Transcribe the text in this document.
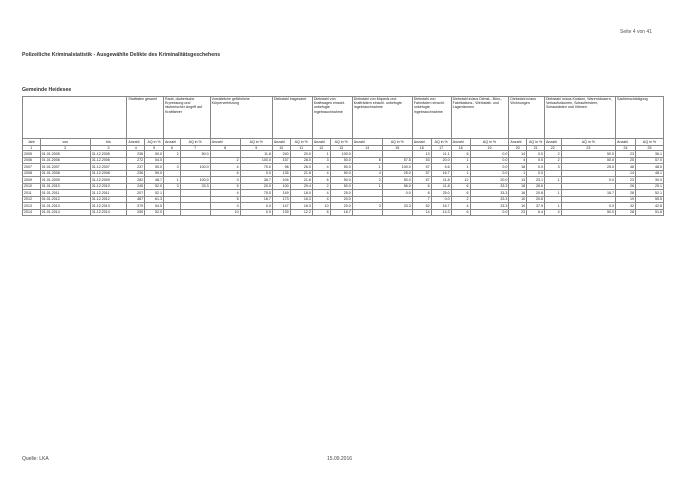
Seite 4 von 41
Polizeiliche Kriminalstatistik - Ausgewählte Delikte des Kriminalitätsgeschehens
Gemeinde Heidesee
			Straftaten gesamt		Raub, räuberische Erpressung und räuberischer Angriff auf Kraftfahrer		Vorsätzliche gefährliche Körperverletzung		Diebstahl insgesamt		Diebstahl von Kraftwagen einschl. unbefugte Ingebrauchnahme		Diebstahl von Mopeds und Krafträdern einschl. unbefugte Ingebrauchnahme		Diebstahl von Fahrrädern einschl. unbefugte Ingebrauchnahme		Diebstahl in/aus Dienst-, Büro-, Fabrikations-, Werkstatt- und Lagerräumen		Diebstahl in/aus Wohnungen		Diebstahl in/aus Kiosken, Warenhäusern, Verkaufsräumen, Schaufenstern, Schaukästen und Vitrinen		Sachbeschädigung	
Jahr	von	bis	Anzahl	AQ in %	Anzahl	AQ in %	Anzahl	AQ in %	Anzahl	AQ in %	Anzahl	AQ in %	Anzahl	AQ in %	Anzahl	AQ in %	Anzahl	AQ in %	Anzahl	AQ in %	Anzahl	AQ in %	Anzahl	AQ in %
1	2	3	4	5	6	7	8	9	10	11	12	13	14	15	16	17	18	19	20	21	22	23	24	25
2005	01.01.2005	31.12.2005	236	50.0	2	50.0		11.8	240	20.0	1	100.0			13	11.1	6	0.0	14	0.0	2	50.0	23	36.1
2006	01.01.2006	31.12.2006	272	54.0			2	100.0	157	28.0	3	50.0	8	57.5	53	20.0	1	0.0	4	0.0	2	50.0	25	57.0
2007	01.01.2007	31.12.2007	237	50.0	3	100.0	4	75.0	96	26.0	4	50.0	1	100.0	57	5.6	1	0.0	18	0.0	3	25.0	48	48.0
2008	01.01.2008	31.12.2008	236	59.0			6	0.0	135	21.8	4	50.0	4	25.0	57	16.7	1	0.0	1	0.0			14	48.1
2009	01.01.2009	31.12.2009	282	48.7	1	100.0	3	36.7	104	21.6	6	50.0	2	50.0	57	11.8	12	20.0	13	23.1	1	0.0	23	30.0
2010	01.01.2010	31.12.2010	245	52.0	3	33.3	5	20.0	100	29.4	2	50.0	1	56.0	6	11.8	6	33.3	18	26.6			26	25.1
2011	01.01.2011	31.12.2011	207	52.1			4	75.0	149	18.0	4	25.0		0.0	8	25.0	6	33.3	16	20.8	1	16.7	28	52.1
2012	01.01.2012	31.12.2012	487	61.3			5	16.7	173	16.3	4	20.0			7	0.0	2	33.3	10	20.8			19	55.5
2013	01.01.2013	31.12.2013	379	54.5			3	0.0	147	16.3	10	20.0	3	33.3	52	16.7	4	33.3	10	37.5	1	0.0	32	42.8
2014	01.01.2014	31.12.2014	255	52.0			10	0.0	139	12.2	6	16.7			14	14.3	6	0.0	23	6.4	4	50.0	28	51.6
Quelle: LKA	15.09.2016
